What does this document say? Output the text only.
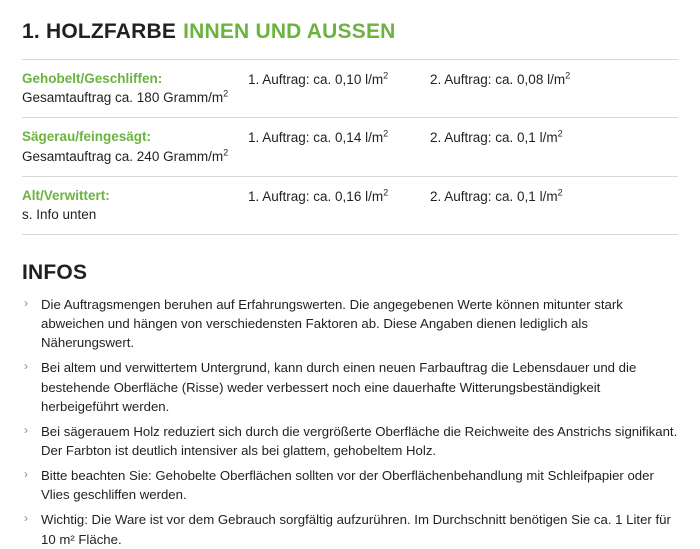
1. HOLZFARBE INNEN UND AUSSEN
Gehobelt/Geschliffen:
Gesamtauftrag ca. 180 Gramm/$m^2$	1. Auftrag: ca. 0,10 $l/m^2$	2. Auftrag: ca. 0,08 $l/m^2$

Sägerau/feingesägt:
Gesamtauftrag ca. 240 Gramm/$m^2$	1. Auftrag: ca. 0,14 $l/m^2$	2. Auftrag: ca. 0,1 $l/m^2$

Alt/Verwittert:
s. Info unten	1. Auftrag: ca. 0,16 $l/m^2$	2. Auftrag: ca. 0,1 $l/m^2$
INFOS
› Die Auftragsmengen beruhen auf Erfahrungswerten. Die angegebenen Werte können mitunter stark abweichen und hängen von verschiedensten Faktoren ab. Diese Angaben dienen lediglich als Näherungswert.
› Bei altem und verwittertem Untergrund, kann durch einen neuen Farbauftrag die Lebensdauer und die bestehende Oberfläche (Risse) weder verbessert noch eine dauerhafte Witterungsbeständigkeit herbeigeführt werden.
› Bei sägerauem Holz reduziert sich durch die vergrößerte Oberfläche die Reichweite des Anstrichs signifikant. Der Farbton ist deutlich intensiver als bei glattem, gehobeltem Holz.
› Bitte beachten Sie: Gehobelte Oberflächen sollten vor der Oberflächenbehandlung mit Schleifpapier oder Vlies geschliffen werden.
› Wichtig: Die Ware ist vor dem Gebrauch sorgfältig aufzurühren. Im Durchschnitt benötigen Sie ca. 1 Liter für 10 m² Fläche.
